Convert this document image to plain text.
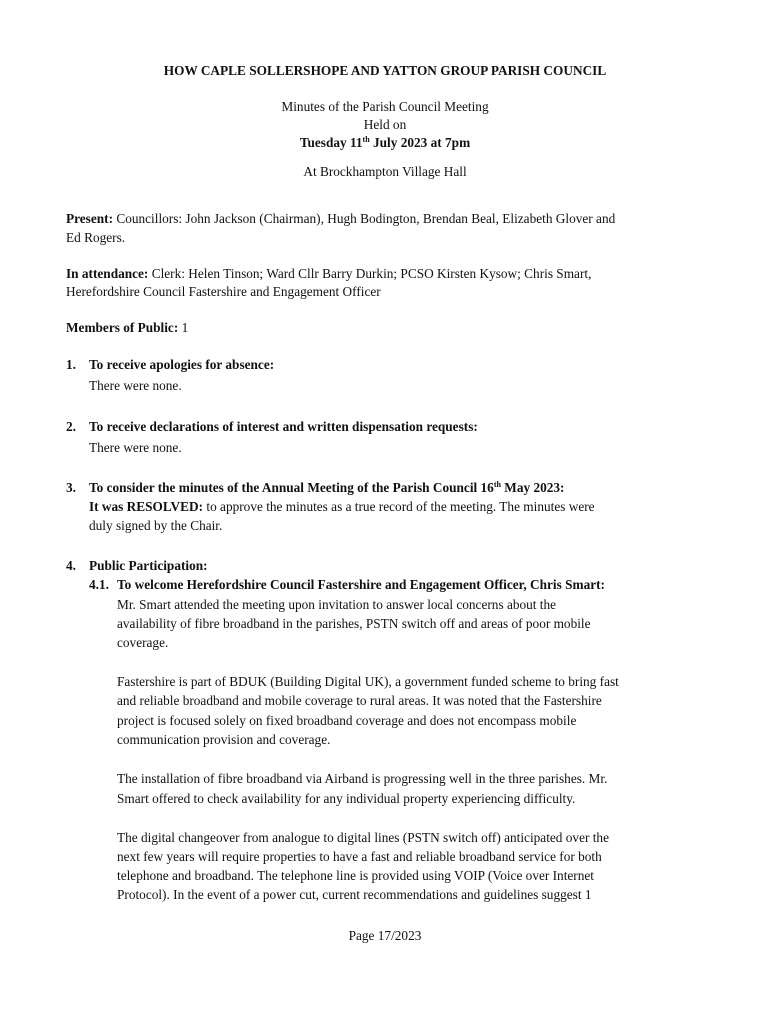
HOW CAPLE SOLLERSHOPE AND YATTON GROUP PARISH COUNCIL
Minutes of the Parish Council Meeting
Held on
Tuesday 11th July 2023 at 7pm
At Brockhampton Village Hall
Present: Councillors: John Jackson (Chairman), Hugh Bodington, Brendan Beal, Elizabeth Glover and
Ed Rogers.
In attendance: Clerk: Helen Tinson; Ward Cllr Barry Durkin; PCSO Kirsten Kysow; Chris Smart,
Herefordshire Council Fastershire and Engagement Officer
Members of Public: 1
1. To receive apologies for absence:
There were none.
2. To receive declarations of interest and written dispensation requests:
There were none.
3. To consider the minutes of the Annual Meeting of the Parish Council 16th May 2023:
It was RESOLVED: to approve the minutes as a true record of the meeting. The minutes were
duly signed by the Chair.
4. Public Participation:
4.1. To welcome Herefordshire Council Fastershire and Engagement Officer, Chris Smart:
Mr. Smart attended the meeting upon invitation to answer local concerns about the
availability of fibre broadband in the parishes, PSTN switch off and areas of poor mobile
coverage.
Fastershire is part of BDUK (Building Digital UK), a government funded scheme to bring fast
and reliable broadband and mobile coverage to rural areas. It was noted that the Fastershire
project is focused solely on fixed broadband coverage and does not encompass mobile
communication provision and coverage.
The installation of fibre broadband via Airband is progressing well in the three parishes. Mr.
Smart offered to check availability for any individual property experiencing difficulty.
The digital changeover from analogue to digital lines (PSTN switch off) anticipated over the
next few years will require properties to have a fast and reliable broadband service for both
telephone and broadband. The telephone line is provided using VOIP (Voice over Internet
Protocol). In the event of a power cut, current recommendations and guidelines suggest 1
Page 17/2023
